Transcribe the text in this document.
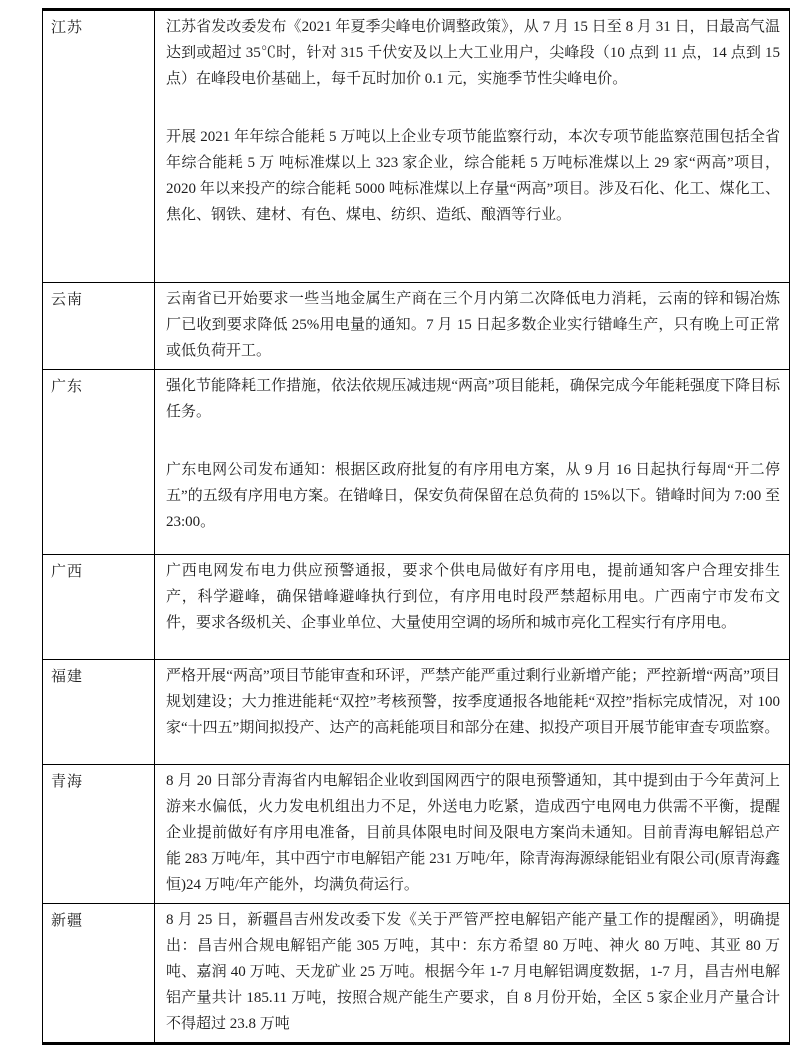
江苏	江苏省发改委发布《2021 年夏季尖峰电价调整政策》，从 7 月 15 日至 8 月 31 日，日最高气温达到或超过 35℃时，针对 315 千伏安及以上大工业用户，尖峰段（10 点到 11 点，14 点到 15 点）在峰段电价基础上，每千瓦时加价 0.1 元，实施季节性尖峰电价。

开展 2021 年年综合能耗 5 万吨以上企业专项节能监察行动，本次专项节能监察范围包括全省年综合能耗 5 万 吨标准煤以上 323 家企业，综合能耗 5 万吨标准煤以上 29 家“两高”项目，2020 年以来投产的综合能耗 5000 吨标准煤以上存量“两高”项目。涉及石化、化工、煤化工、焦化、钢铁、建材、有色、煤电、纺织、造纸、酿酒等行业。

云南	云南省已开始要求一些当地金属生产商在三个月内第二次降低电力消耗，云南的锌和锡冶炼厂已收到要求降低 25%用电量的通知。7 月 15 日起多数企业实行错峰生产，只有晚上可正常或低负荷开工。

广东	强化节能降耗工作措施，依法依规压减违规“两高”项目能耗，确保完成今年能耗强度下降目标任务。

广东电网公司发布通知：根据区政府批复的有序用电方案，从 9 月 16 日起执行每周“开二停五”的五级有序用电方案。在错峰日，保安负荷保留在总负荷的 15%以下。错峰时间为 7:00 至 23:00。

广西	广西电网发布电力供应预警通报，要求个供电局做好有序用电，提前通知客户合理安排生产，科学避峰，确保错峰避峰执行到位，有序用电时段严禁超标用电。广西南宁市发布文件，要求各级机关、企事业单位、大量使用空调的场所和城市亮化工程实行有序用电。

福建	严格开展“两高”项目节能审查和环评，严禁产能严重过剩行业新增产能；严控新增“两高”项目规划建设；大力推进能耗“双控”考核预警，按季度通报各地能耗“双控”指标完成情况，对 100 家“十四五”期间拟投产、达产的高耗能项目和部分在建、拟投产项目开展节能审查专项监察。

青海	8 月 20 日部分青海省内电解铝企业收到国网西宁的限电预警通知，其中提到由于今年黄河上游来水偏低，火力发电机组出力不足，外送电力吃紧，造成西宁电网电力供需不平衡，提醒企业提前做好有序用电准备，目前具体限电时间及限电方案尚未通知。目前青海电解铝总产能 283 万吨/年，其中西宁市电解铝产能 231 万吨/年，除青海海源绿能铝业有限公司(原青海鑫恒)24 万吨/年产能外，均满负荷运行。

新疆	8 月 25 日，新疆昌吉州发改委下发《关于严管严控电解铝产能产量工作的提醒函》，明确提出：昌吉州合规电解铝产能 305 万吨，其中：东方希望 80 万吨、神火 80 万吨、其亚 80 万吨、嘉润 40 万吨、天龙矿业 25 万吨。根据今年 1-7 月电解铝调度数据，1-7 月，昌吉州电解铝产量共计 185.11 万吨，按照合规产能生产要求，自 8 月份开始，全区 5 家企业月产量合计不得超过 23.8 万吨
